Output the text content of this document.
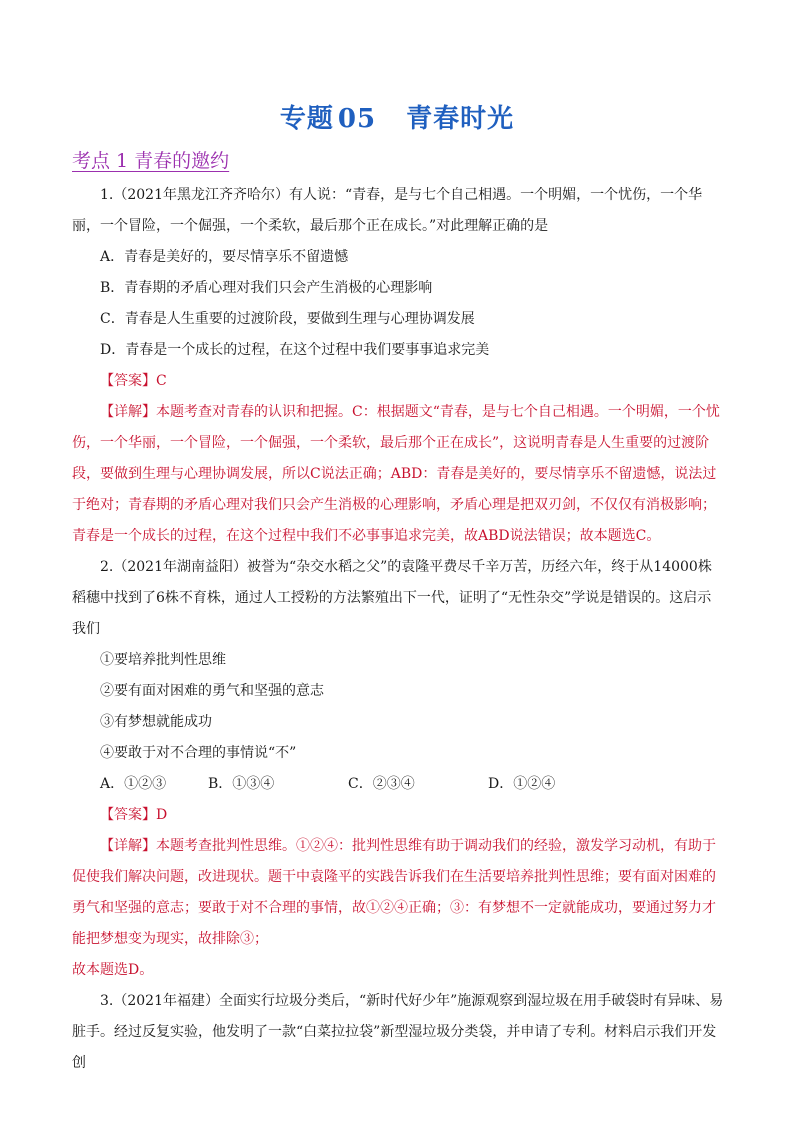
专题 05 青春时光
考点 1 青春的邀约

1.（2021年黑龙江齐齐哈尔）有人说：“青春，是与七个自己相遇。一个明媚，一个忧伤，一个华丽，一个冒险，一个倔强，一个柔软，最后那个正在成长。”对此理解正确的是

A．青春是美好的，要尽情享乐不留遗憾

B．青春期的矛盾心理对我们只会产生消极的心理影响

C．青春是人生重要的过渡阶段，要做到生理与心理协调发展

D．青春是一个成长的过程，在这个过程中我们要事事追求完美

【答案】C

【详解】本题考查对青春的认识和把握。C：根据题文“青春，是与七个自己相遇。一个明媚，一个忧伤，一个华丽，一个冒险，一个倔强，一个柔软，最后那个正在成长”，这说明青春是人生重要的过渡阶段，要做到生理与心理协调发展，所以C说法正确；ABD：青春是美好的，要尽情享乐不留遗憾，说法过于绝对；青春期的矛盾心理对我们只会产生消极的心理影响，矛盾心理是把双刃剑，不仅仅有消极影响；青春是一个成长的过程，在这个过程中我们不必事事追求完美，故ABD说法错误；故本题选C。

2.（2021年湖南益阳）被誉为“杂交水稻之父”的袁隆平费尽千辛万苦，历经六年，终于从14000株稻穗中找到了6株不育株，通过人工授粉的方法繁殖出下一代，证明了“无性杂交”学说是错误的。这启示我们

①要培养批判性思维

②要有面对困难的勇气和坚强的意志

③有梦想就能成功

④要敢于对不合理的事情说“不”

A．①②③	B．①③④	C．②③④	D．①②④

【答案】D

【详解】本题考查批判性思维。①②④：批判性思维有助于调动我们的经验，激发学习动机，有助于促使我们解决问题，改进现状。题干中袁隆平的实践告诉我们在生活要培养批判性思维；要有面对困难的勇气和坚强的意志；要敢于对不合理的事情，故①②④正确；③：有梦想不一定就能成功，要通过努力才能把梦想变为现实，故排除③；

故本题选D。

3.（2021年福建）全面实行垃圾分类后，“新时代好少年”施源观察到湿垃圾在用手破袋时有异味、易脏手。经过反复实验，他发明了一款“白菜拉拉袋”新型湿垃圾分类袋，并申请了专利。材料启示我们开发创
